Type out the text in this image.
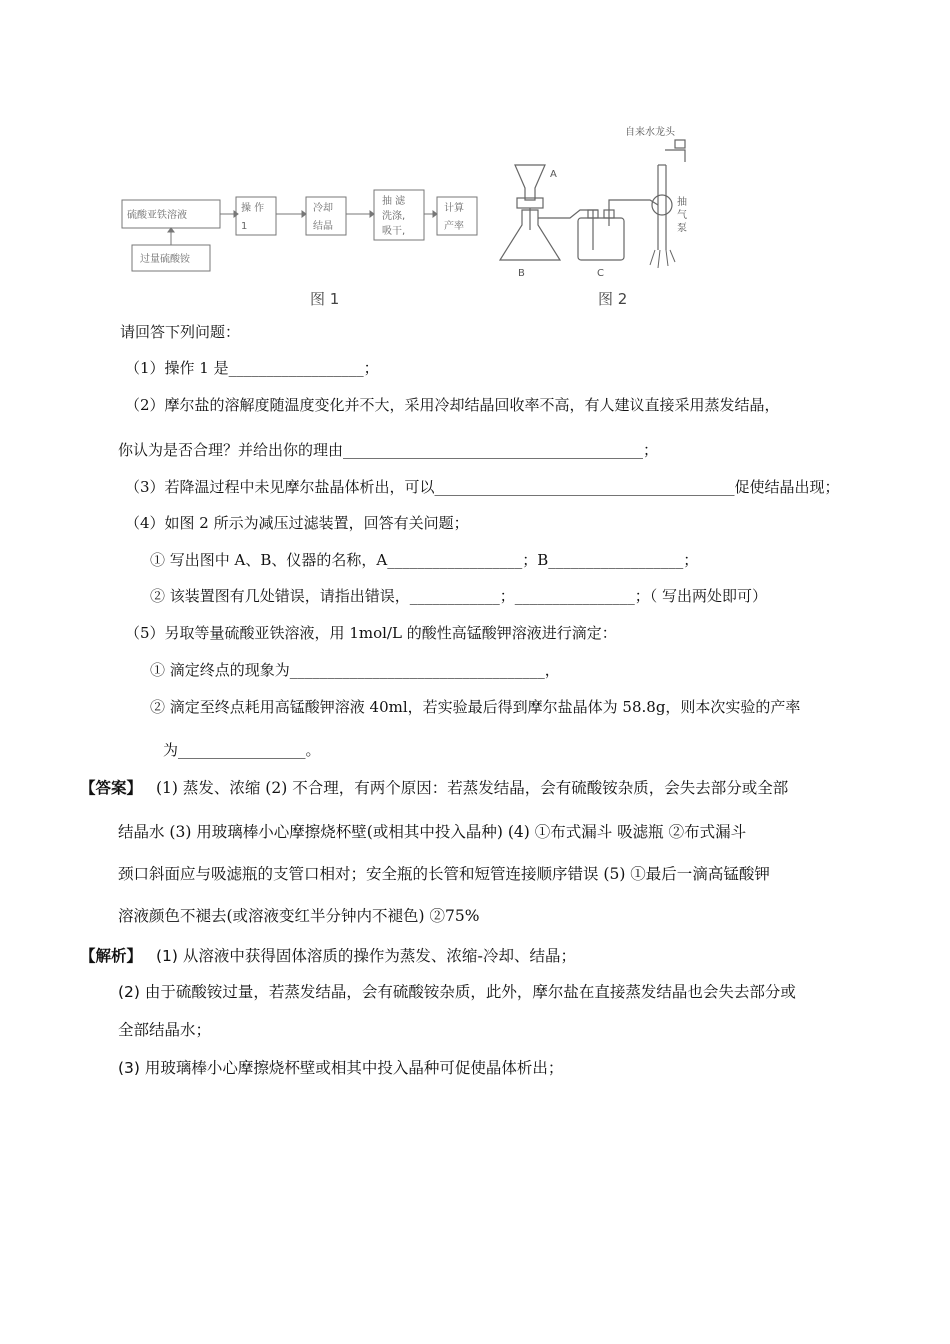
硫酸亚铁溶液
操 作
1
冷却
结晶
抽 滤
洗涤,
吸干,
计算
产率
过量硫酸铵
自来水龙头
抽
气
泵
A
B	C
图 1	图 2
请回答下列问题：
（1）操作 1 是__________________；
（2）摩尔盐的溶解度随温度变化并不大，采用冷却结晶回收率不高，有人建议直接采用蒸发结晶，
你认为是否合理？并给出你的理由________________________________________；
（3）若降温过程中未见摩尔盐晶体析出，可以________________________________________促使结晶出现；
（4）如图 2 所示为减压过滤装置，回答有关问题；
① 写出图中 A、B、仪器的名称，A__________________；B__________________；
② 该装置图有几处错误，请指出错误，____________；________________；（ 写出两处即可）
（5）另取等量硫酸亚铁溶液，用 1mol/L 的酸性高锰酸钾溶液进行滴定：
① 滴定终点的现象为__________________________________，
② 滴定至终点耗用高锰酸钾溶液 40ml，若实验最后得到摩尔盐晶体为 58.8g，则本次实验的产率
为_________________。
【答案】 (1) 蒸发、浓缩 (2) 不合理，有两个原因：若蒸发结晶，会有硫酸铵杂质，会失去部分或全部
结晶水 (3) 用玻璃棒小心摩擦烧杯壁(或相其中投入晶种) (4) ①布式漏斗 吸滤瓶 ②布式漏斗
颈口斜面应与吸滤瓶的支管口相对；安全瓶的长管和短管连接顺序错误 (5) ①最后一滴高锰酸钾
溶液颜色不褪去(或溶液变红半分钟内不褪色) ②75%
【解析】 (1) 从溶液中获得固体溶质的操作为蒸发、浓缩-冷却、结晶；
(2) 由于硫酸铵过量，若蒸发结晶，会有硫酸铵杂质，此外，摩尔盐在直接蒸发结晶也会失去部分或
全部结晶水；
(3) 用玻璃棒小心摩擦烧杯壁或相其中投入晶种可促使晶体析出；
